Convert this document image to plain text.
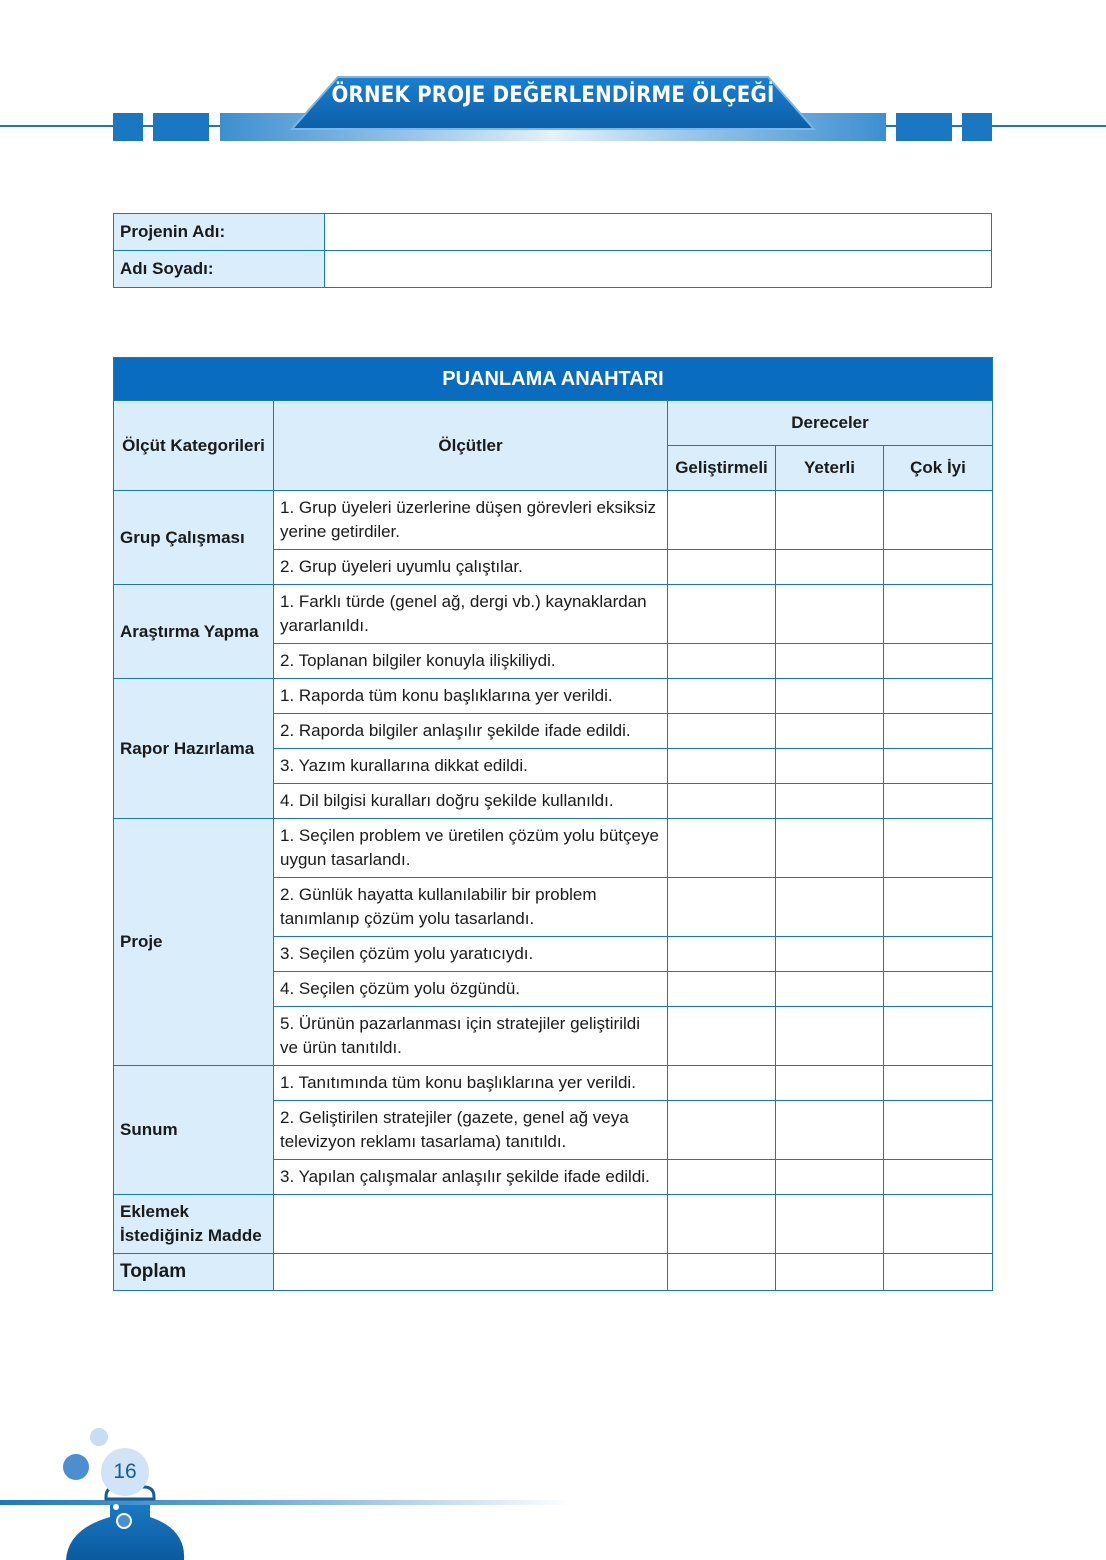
ÖRNEK PROJE DEĞERLENDİRME ÖLÇEĞİ
Projenin Adı:	
Adı Soyadı:	
PUANLAMA ANAHTARI				
Ölçüt Kategorileri	Ölçütler	Dereceler		
		Geliştirmeli	Yeterli	Çok İyi
Grup Çalışması	1. Grup üyeleri üzerlerine düşen görevleri eksiksiz yerine getirdiler.			
	2. Grup üyeleri uyumlu çalıştılar.			
Araştırma Yapma	1. Farklı türde (genel ağ, dergi vb.) kaynaklardan yararlanıldı.			
	2. Toplanan bilgiler konuyla ilişkiliydi.			
Rapor Hazırlama	1. Raporda tüm konu başlıklarına yer verildi.			
	2. Raporda bilgiler anlaşılır şekilde ifade edildi.			
	3. Yazım kurallarına dikkat edildi.			
	4. Dil bilgisi kuralları doğru şekilde kullanıldı.			
Proje	1. Seçilen problem ve üretilen çözüm yolu bütçeye uygun tasarlandı.			
	2. Günlük hayatta kullanılabilir bir problem tanımlanıp çözüm yolu tasarlandı.			
	3. Seçilen çözüm yolu yaratıcıydı.			
	4. Seçilen çözüm yolu özgündü.			
	5. Ürünün pazarlanması için stratejiler geliştirildi ve ürün tanıtıldı.			
Sunum	1. Tanıtımında tüm konu başlıklarına yer verildi.			
	2. Geliştirilen stratejiler (gazete, genel ağ veya televizyon reklamı tasarlama) tanıtıldı.			
	3. Yapılan çalışmalar anlaşılır şekilde ifade edildi.			
Eklemek
İstediğiniz Madde				
Toplam				
16
